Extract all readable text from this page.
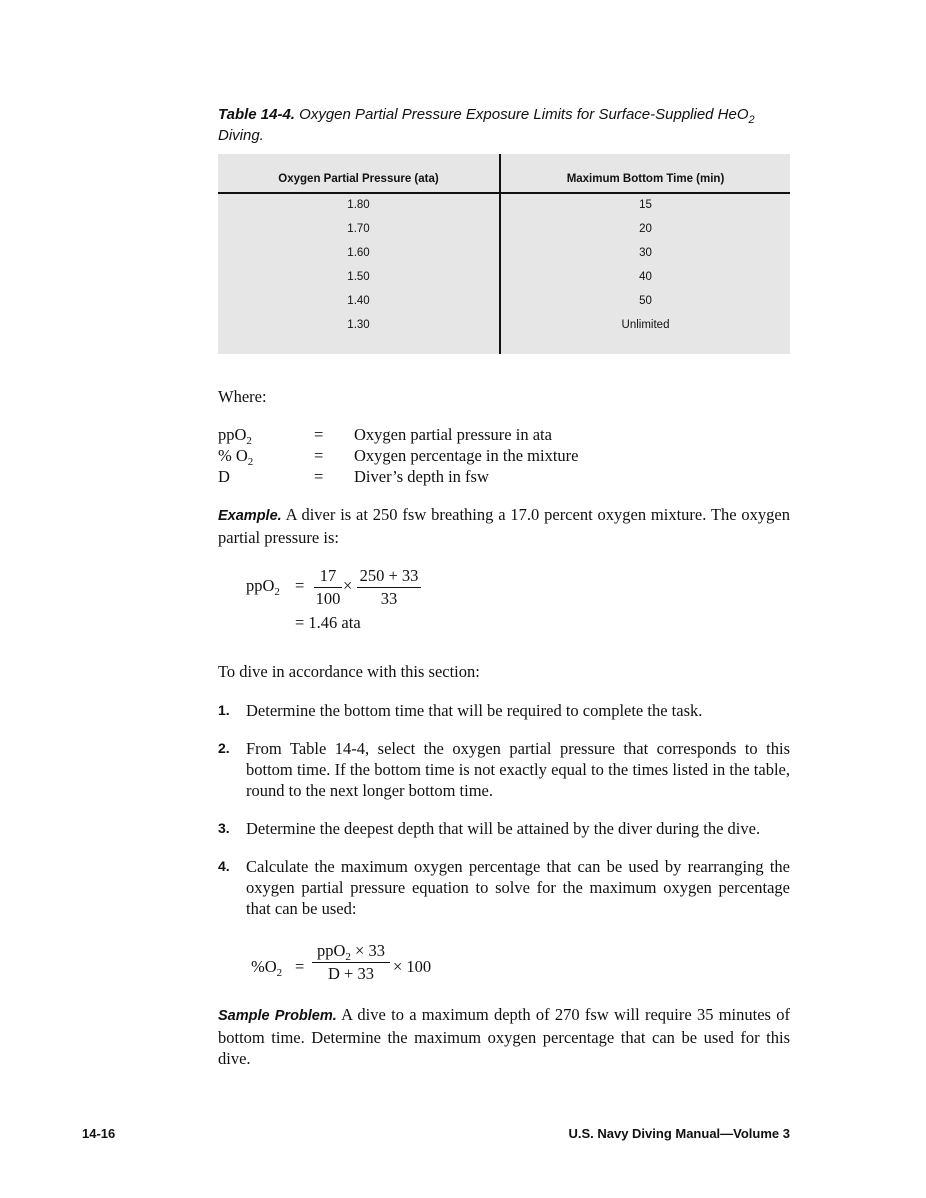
Table 14-4. Oxygen Partial Pressure Exposure Limits for Surface-Supplied HeO$_2$
Diving.
Oxygen Partial Pressure (ata)	Maximum Bottom Time (min)
1.80	15
1.70	20
1.60	30
1.50	40
1.40	50
1.30	Unlimited
Where:
ppO$_2$	= Oxygen partial pressure in ata
% $O_2$	= Oxygen percentage in the mixture
D	= Diver’s depth in fsw
Example. A diver is at 250 fsw breathing a 17.0 percent oxygen mixture. The oxygen partial pressure is:
ppO$_2$ =
17
100
×
250 + 33
33
= 1.46 ata
To dive in accordance with this section:
1. Determine the bottom time that will be required to complete the task.
2. From Table 14-4, select the oxygen partial pressure that corresponds to this bottom time. If the bottom time is not exactly equal to the times listed in the table, round to the next longer bottom time.
3. Determine the deepest depth that will be attained by the diver during the dive.
4. Calculate the maximum oxygen percentage that can be used by rearranging the oxygen partial pressure equation to solve for the maximum oxygen percentage that can be used:
$\%O_2$ =
ppO$_2$ × 33
D + 33	× 100
Sample Problem. A dive to a maximum depth of 270 fsw will require 35 minutes of bottom time. Determine the maximum oxygen percentage that can be used for this dive.
14-16	U.S. Navy Diving Manual—Volume 3
